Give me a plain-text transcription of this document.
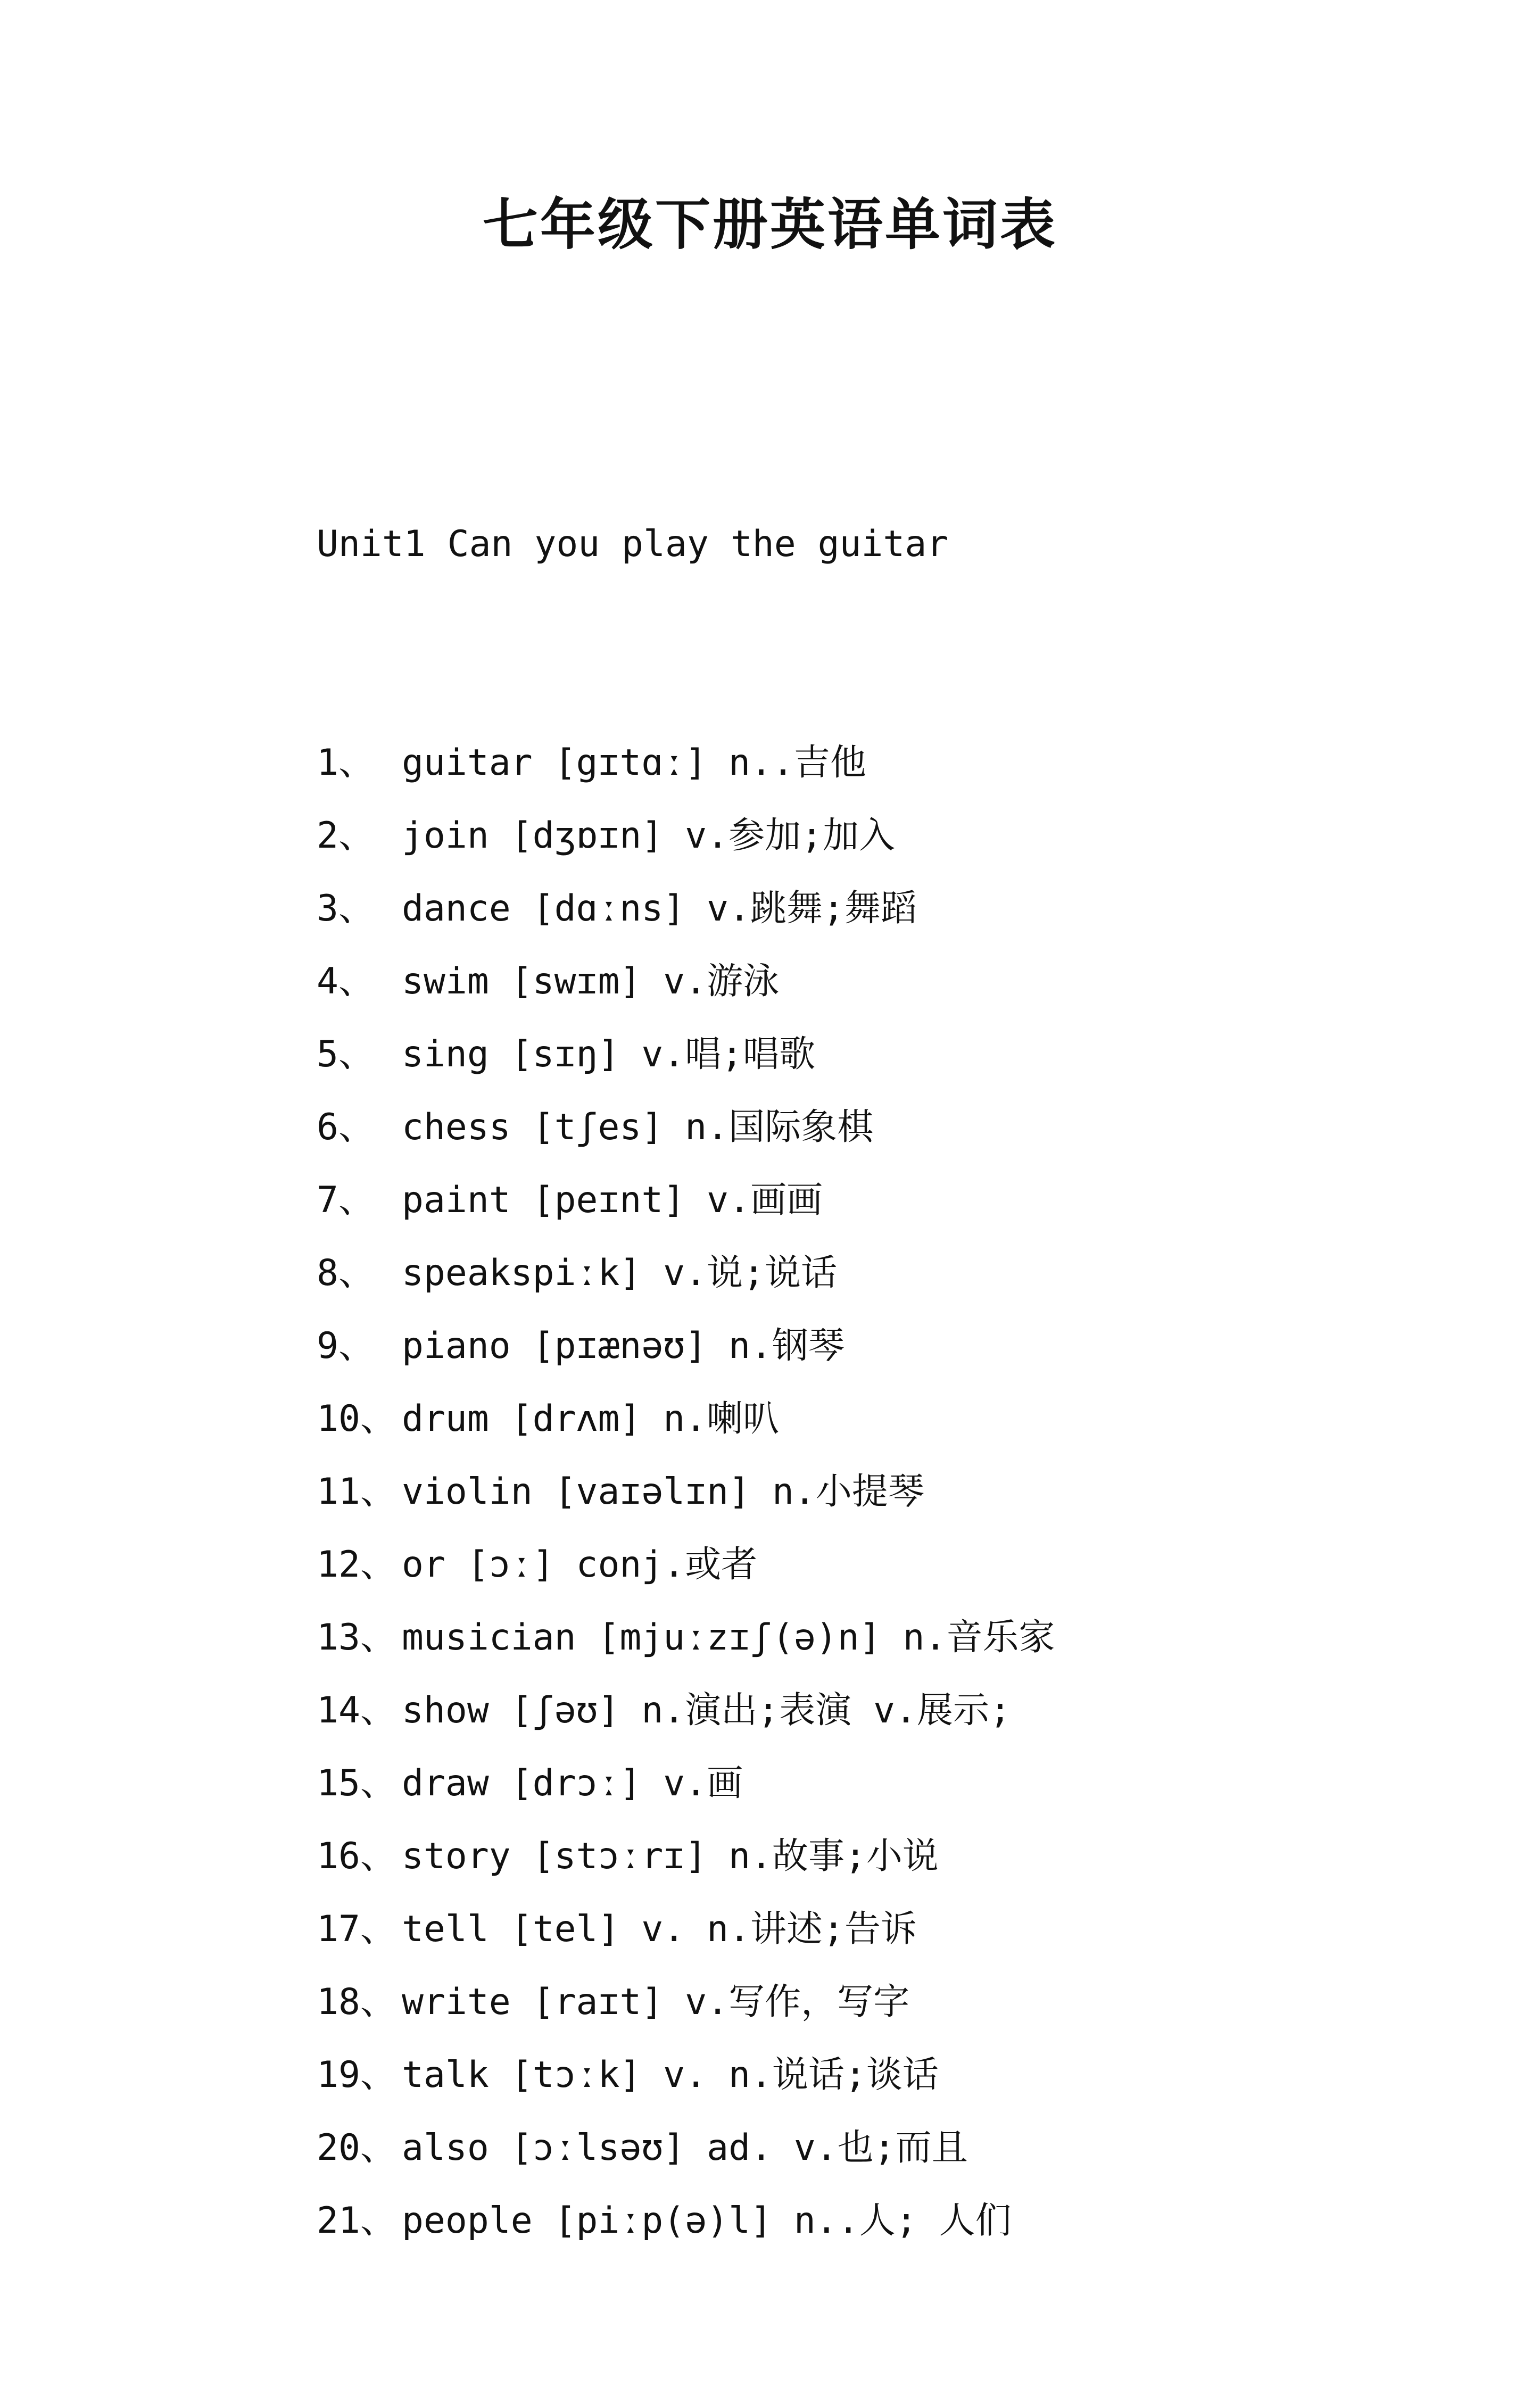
七年级下册英语单词表

Unit1 Can you play the guitar

1、 guitar [gɪtɑː] n..吉他
2、 join [dʒɒɪn] v.参加;加入
3、 dance [dɑːns] v.跳舞;舞蹈
4、 swim [swɪm] v.游泳
5、 sing [sɪŋ] v.唱;唱歌
6、 chess [tʃes] n.国际象棋
7、 paint [peɪnt] v.画画
8、 speakspiːk] v.说;说话
9、 piano [pɪænəʊ] n.钢琴
10、 drum [drʌm] n.喇叭
11、 violin [vaɪəlɪn] n.小提琴
12、 or [ɔː] conj.或者
13、 musician [mjuːzɪʃ(ə)n] n.音乐家
14、 show [ʃəʊ] n.演出;表演 v.展示;
15、 draw [drɔː] v.画
16、 story [stɔːrɪ] n.故事;小说
17、 tell [tel] v. n.讲述;告诉
18、 write [raɪt] v.写作，写字
19、 talk [tɔːk] v. n.说话;谈话
20、 also [ɔːlsəʊ] ad. v.也;而且
21、 people [piːp(ə)l] n..人; 人们
